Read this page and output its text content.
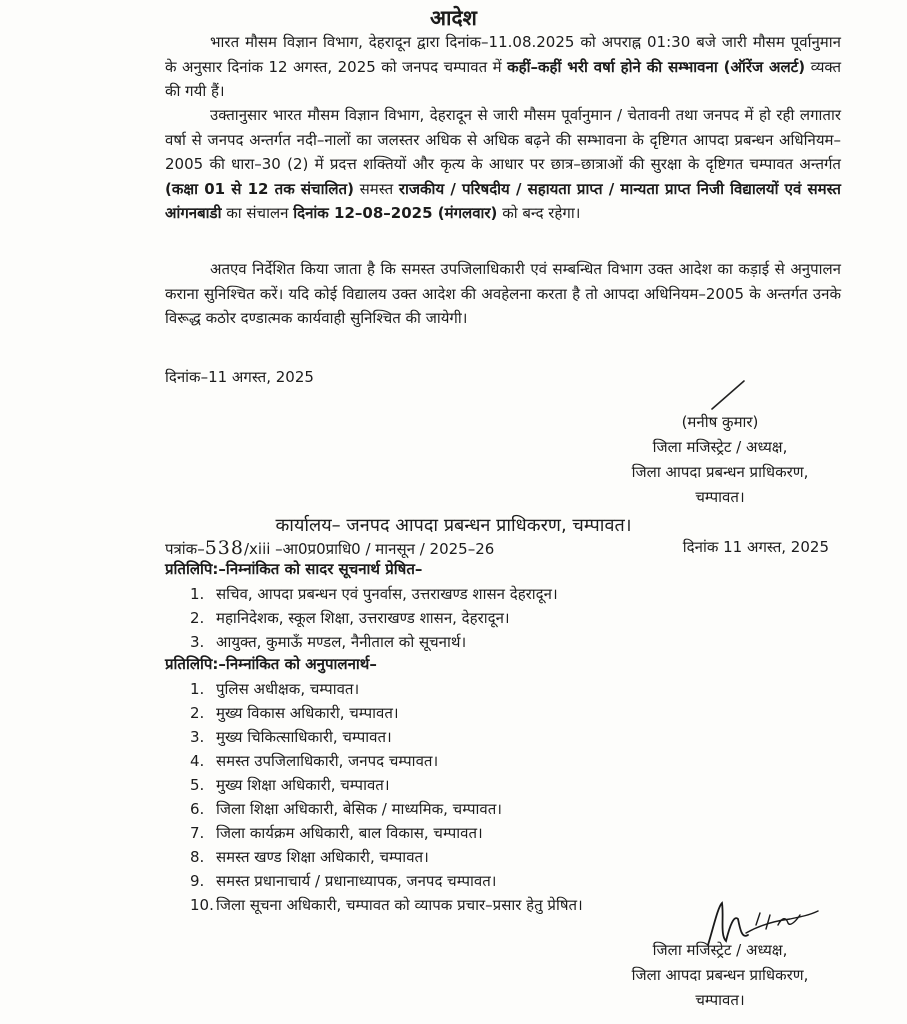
आदेश

भारत मौसम विज्ञान विभाग, देहरादून द्वारा दिनांक–11.08.2025 को अपराह्न 01:30 बजे जारी मौसम पूर्वानुमान के अनुसार दिनांक 12 अगस्त, 2025 को जनपद चम्पावत में कहीं–कहीं भरी वर्षा होने की सम्भावना (ऑरेंज अलर्ट) व्यक्त की गयी हैं।

उक्तानुसार भारत मौसम विज्ञान विभाग, देहरादून से जारी मौसम पूर्वानुमान / चेतावनी तथा जनपद में हो रही लगातार वर्षा से जनपद अन्तर्गत नदी–नालों का जलस्तर अधिक से अधिक बढ़ने की सम्भावना के दृष्टिगत आपदा प्रबन्धन अधिनियम–2005 की धारा–30 (2) में प्रदत्त शक्तियों और कृत्य के आधार पर छात्र–छात्राओं की सुरक्षा के दृष्टिगत चम्पावत अन्तर्गत (कक्षा 01 से 12 तक संचालित) समस्त राजकीय / परिषदीय / सहायता प्राप्त / मान्यता प्राप्त निजी विद्यालयों एवं समस्त आंगनबाडी का संचालन दिनांक 12–08–2025 (मंगलवार) को बन्द रहेगा।

अतएव निर्देशित किया जाता है कि समस्त उपजिलाधिकारी एवं सम्बन्धित विभाग उक्त आदेश का कड़ाई से अनुपालन कराना सुनिश्चित करें। यदि कोई विद्यालय उक्त आदेश की अवहेलना करता है तो आपदा अधिनियम–2005 के अन्तर्गत उनके विरूद्ध कठोर दण्डात्मक कार्यवाही सुनिश्चित की जायेगी।

दिनांक–11 अगस्त, 2025
(मनीष कुमार)
जिला मजिस्ट्रेट / अध्यक्ष,
जिला आपदा प्रबन्धन प्राधिकरण,
चम्पावत।
कार्यालय– जनपद आपदा प्रबन्धन प्राधिकरण, चम्पावत।
पत्रांक–538/xiii –आ0प्र0प्राधि0 / मानसून / 2025–26	दिनांक 11 अगस्त, 2025
प्रतिलिपि:–निम्नांकित को सादर सूचनार्थ प्रेषित–
1. सचिव, आपदा प्रबन्धन एवं पुनर्वास, उत्तराखण्ड शासन देहरादून।
2. महानिदेशक, स्कूल शिक्षा, उत्तराखण्ड शासन, देहरादून।
3. आयुक्त, कुमाऊँ मण्डल, नैनीताल को सूचनार्थ।
प्रतिलिपि:–निम्नांकित को अनुपालनार्थ–
1. पुलिस अधीक्षक, चम्पावत।
2. मुख्य विकास अधिकारी, चम्पावत।
3. मुख्य चिकित्साधिकारी, चम्पावत।
4. समस्त उपजिलाधिकारी, जनपद चम्पावत।
5. मुख्य शिक्षा अधिकारी, चम्पावत।
6. जिला शिक्षा अधिकारी, बेसिक / माध्यमिक, चम्पावत।
7. जिला कार्यक्रम अधिकारी, बाल विकास, चम्पावत।
8. समस्त खण्ड शिक्षा अधिकारी, चम्पावत।
9. समस्त प्रधानाचार्य / प्रधानाध्यापक, जनपद चम्पावत।
10. जिला सूचना अधिकारी, चम्पावत को व्यापक प्रचार–प्रसार हेतु प्रेषित।
जिला मजिस्ट्रेट / अध्यक्ष,
जिला आपदा प्रबन्धन प्राधिकरण,
चम्पावत।
